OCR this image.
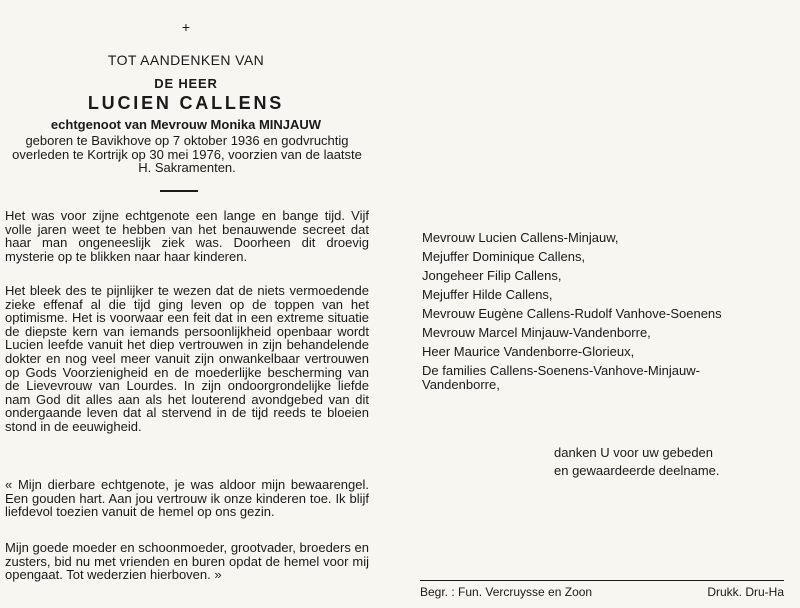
+
TOT AANDENKEN VAN
DE HEER
LUCIEN CALLENS
echtgenoot van Mevrouw Monika MINJAUW
geboren te Bavikhove op 7 oktober 1936 en godvruchtig overleden te Kortrijk op 30 mei 1976, voorzien van de laatste H. Sakramenten.

Het was voor zijne echtgenote een lange en bange tijd. Vijf volle jaren weet te hebben van het benauwende secreet dat haar man ongeneeslijk ziek was. Doorheen dit droevig mysterie op te blikken naar haar kinderen.

Het bleek des te pijnlijker te wezen dat de niets vermoedende zieke effenaf al die tijd ging leven op de toppen van het optimisme. Het is voorwaar een feit dat in een extreme situatie de diepste kern van iemands persoonlijkheid openbaar wordt Lucien leefde vanuit het diep vertrouwen in zijn behandelende dokter en nog veel meer vanuit zijn onwankelbaar vertrouwen op Gods Voorzienigheid en de moederlijke bescherming van de Lievevrouw van Lourdes. In zijn ondoorgrondelijke liefde nam God dit alles aan als het louterend avondgebed van dit ondergaande leven dat al stervend in de tijd reeds te bloeien stond in de eeuwigheid.

« Mijn dierbare echtgenote, je was aldoor mijn bewaarengel. Een gouden hart. Aan jou vertrouw ik onze kinderen toe. Ik blijf liefdevol toezien vanuit de hemel op ons gezin.

Mijn goede moeder en schoonmoeder, grootvader, broeders en zusters, bid nu met vrienden en buren opdat de hemel voor mij opengaat. Tot wederzien hierboven. »

Mevrouw Lucien Callens-Minjauw,
Mejuffer Dominique Callens,
Jongeheer Filip Callens,
Mejuffer Hilde Callens,
Mevrouw Eugène Callens-Rudolf Vanhove-Soenens
Mevrouw Marcel Minjauw-Vandenborre,
Heer Maurice Vandenborre-Glorieux,
De families Callens-Soenens-Vanhove-Minjauw-Vandenborre,
danken U voor uw gebeden
en gewaardeerde deelname.
Begr. : Fun. Vercruysse en Zoon	Drukk. Dru-Ha
